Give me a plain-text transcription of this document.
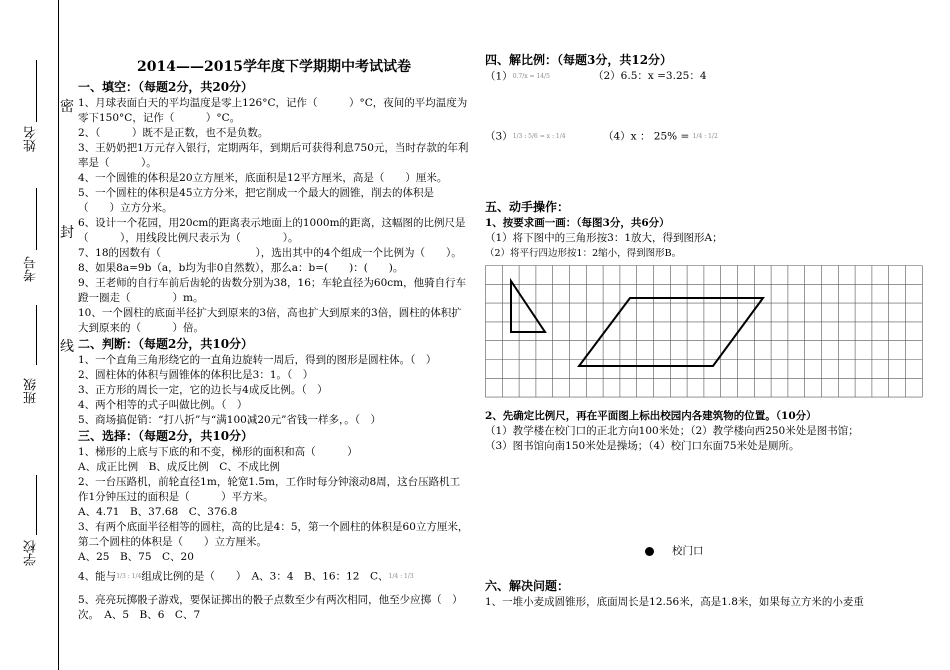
姓名
考号
班级
学校
密
封
线
2014——2015学年度下学期期中考试试卷
一、填空：（每题2分，共20分）

1、月球表面白天的平均温度是零上126°C，记作（　　　）°C，夜间的平均温度为零下150°C，记作（　　　）°C。

2、（　　　）既不是正数，也不是负数。

3、王奶奶把1万元存入银行，定期两年，到期后可获得利息750元，当时存款的年利率是（　　　）。

4、一个圆锥的体积是20立方厘米，底面积是12平方厘米，高是（　　）厘米。

5、一个圆柱的体积是45立方分米，把它削成一个最大的圆锥，削去的体积是（　　）立方分米。

6、设计一个花园，用20cm的距离表示地面上的1000m的距离，这幅图的比例尺是（　　　），用线段比例尺表示为（　　　　）。

7、18的因数有（　　　　　　　　　），选出其中的4个组成一个比例为（　　）。

8、如果8a=9b（a，b均为非0自然数），那么a：b=(　　)：(　　)。

9、王老师的自行车前后齿轮的齿数分别为38，16；车轮直径为60cm，他骑自行车蹬一圈走（　　　　）m。

10、一个圆柱的底面半径扩大到原来的3倍，高也扩大到原来的3倍，圆柱的体积扩大到原来的（　　　）倍。

二、判断：（每题2分，共10分）

1、一个直角三角形绕它的一直角边旋转一周后，得到的图形是圆柱体。（　）

2、圆柱体的体积与圆锥体的体积比是3：1。（　）

3、正方形的周长一定，它的边长与4成反比例。（　）

4、两个相等的式子叫做比例。（　）

5、商场搞促销：“打八折”与“满100减20元”省钱一样多，。（　）

三、选择：（每题2分，共10分）

1、梯形的上底与下底的和不变，梯形的面积和高（　　　）

A、成正比例　B、成反比例　C、不成比例

2、一台压路机，前轮直径1m，轮宽1.5m，工作时每分钟滚动8周，这台压路机工作1分钟压过的面积是（　　　）平方米。

A、4.71　B、37.68　C、376.8

3、有两个底面半径相等的圆柱，高的比是4：5，第一个圆柱的体积是60立方厘米，第二个圆柱的体积是（　　）立方厘米。

A、25　B、75　C、20

4、能与1/3 : 1/4组成比例的是（　　）　A、3：4　B、16：12　C、1/4 : 1/3

5、亮亮玩掷骰子游戏，要保证掷出的骰子点数至少有两次相同，他至少应掷（　）次。　A、5　B、6　C、7

四、解比例：（每题3分，共12分）
（1）0.7/x = 14/5	（2）6.5：x =3.25：4
（3）1/3 : 5/6 = x : 1/4	（4）x ： 25% = 1/4 : 1/2
五、动手操作：
1、按要求画一画：（每图3分，共6分）

（1）将下图中的三角形按3：1放大，得到图形A；

（2）将平行四边形按1：2缩小，得到图形B。

2、先确定比例尺，再在平面图上标出校园内各建筑物的位置。（10分）

（1）教学楼在校门口的正北方向100米处；（2）教学楼向西250米处是图书馆；

（3）图书馆向南150米处是操场；（4）校门口东面75米处是厕所。

校门口
六、解决问题：

1、一堆小麦成圆锥形，底面周长是12.56米，高是1.8米，如果每立方米的小麦重
